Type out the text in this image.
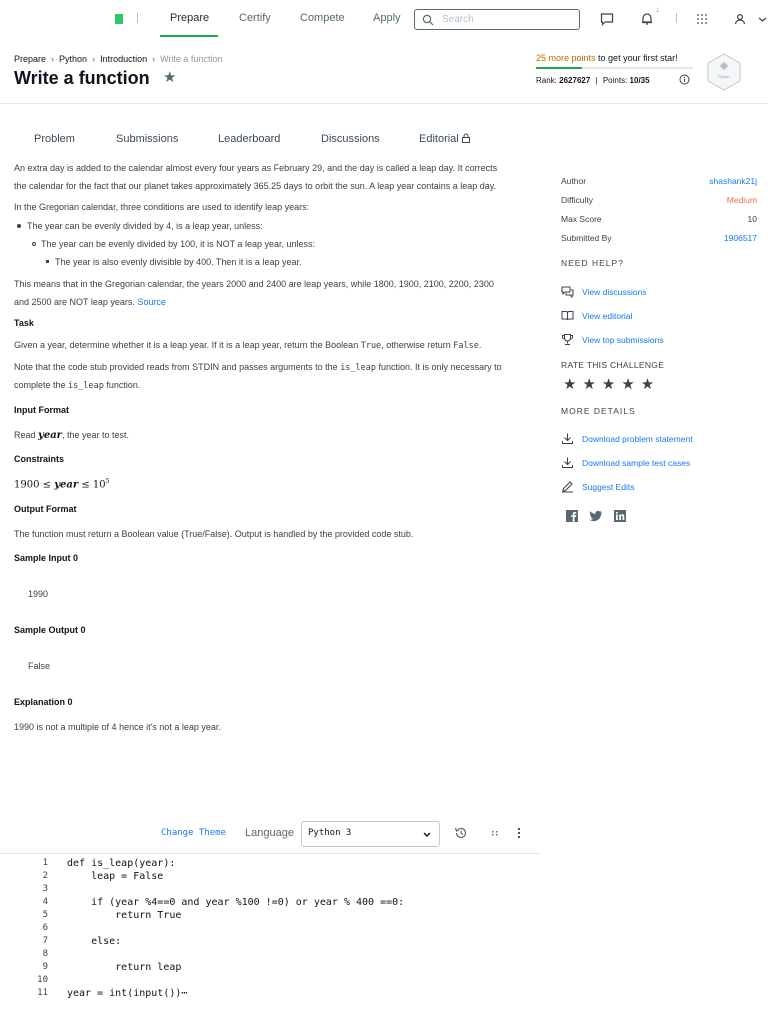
Prepare	Certify	Compete	Apply	Search
1
Prepare › Python › Introduction › Write a function
Write a function ★
25 more points to get your first star!
Rank: 2627627 | Points: 10/35	Python
Problem	Submissions	Leaderboard	Discussions	Editorial
An extra day is added to the calendar almost every four years as February 29, and the day is called a leap day. It corrects
the calendar for the fact that our planet takes approximately 365.25 days to orbit the sun. A leap year contains a leap day.
In the Gregorian calendar, three conditions are used to identify leap years:
The year can be evenly divided by 4, is a leap year, unless:
The year can be evenly divided by 100, it is NOT a leap year, unless:
The year is also evenly divisible by 400. Then it is a leap year.
This means that in the Gregorian calendar, the years 2000 and 2400 are leap years, while 1800, 1900, 2100, 2200, 2300
and 2500 are NOT leap years. Source
Task
Given a year, determine whether it is a leap year. If it is a leap year, return the Boolean True, otherwise return False.
Note that the code stub provided reads from STDIN and passes arguments to the is_leap function. It is only necessary to
complete the is_leap function.
Input Format
Read year, the year to test.
Constraints
1900 ≤ year ≤ $10^5$
Output Format
The function must return a Boolean value (True/False). Output is handled by the provided code stub.
Sample Input 0
1990
Sample Output 0
False
Explanation 0
1990 is not a multiple of 4 hence it's not a leap year.
Author	shashank21j
Difficulty	Medium
Max Score	10
Submitted By	1906517
NEED HELP?
View discussions
View editorial
View top submissions
RATE THIS CHALLENGE
★★★★★
MORE DETAILS
Download problem statement
Download sample test cases
Suggest Edits
Change Theme Language Python 3
1 def is_leap(year):
2 leap = False
3
4 if (year %4==0 and year %100 !=0) or year % 400 ==0:
5 return True
6
7 else:
8
9 return leap
10
11 year = int(input())⋯
